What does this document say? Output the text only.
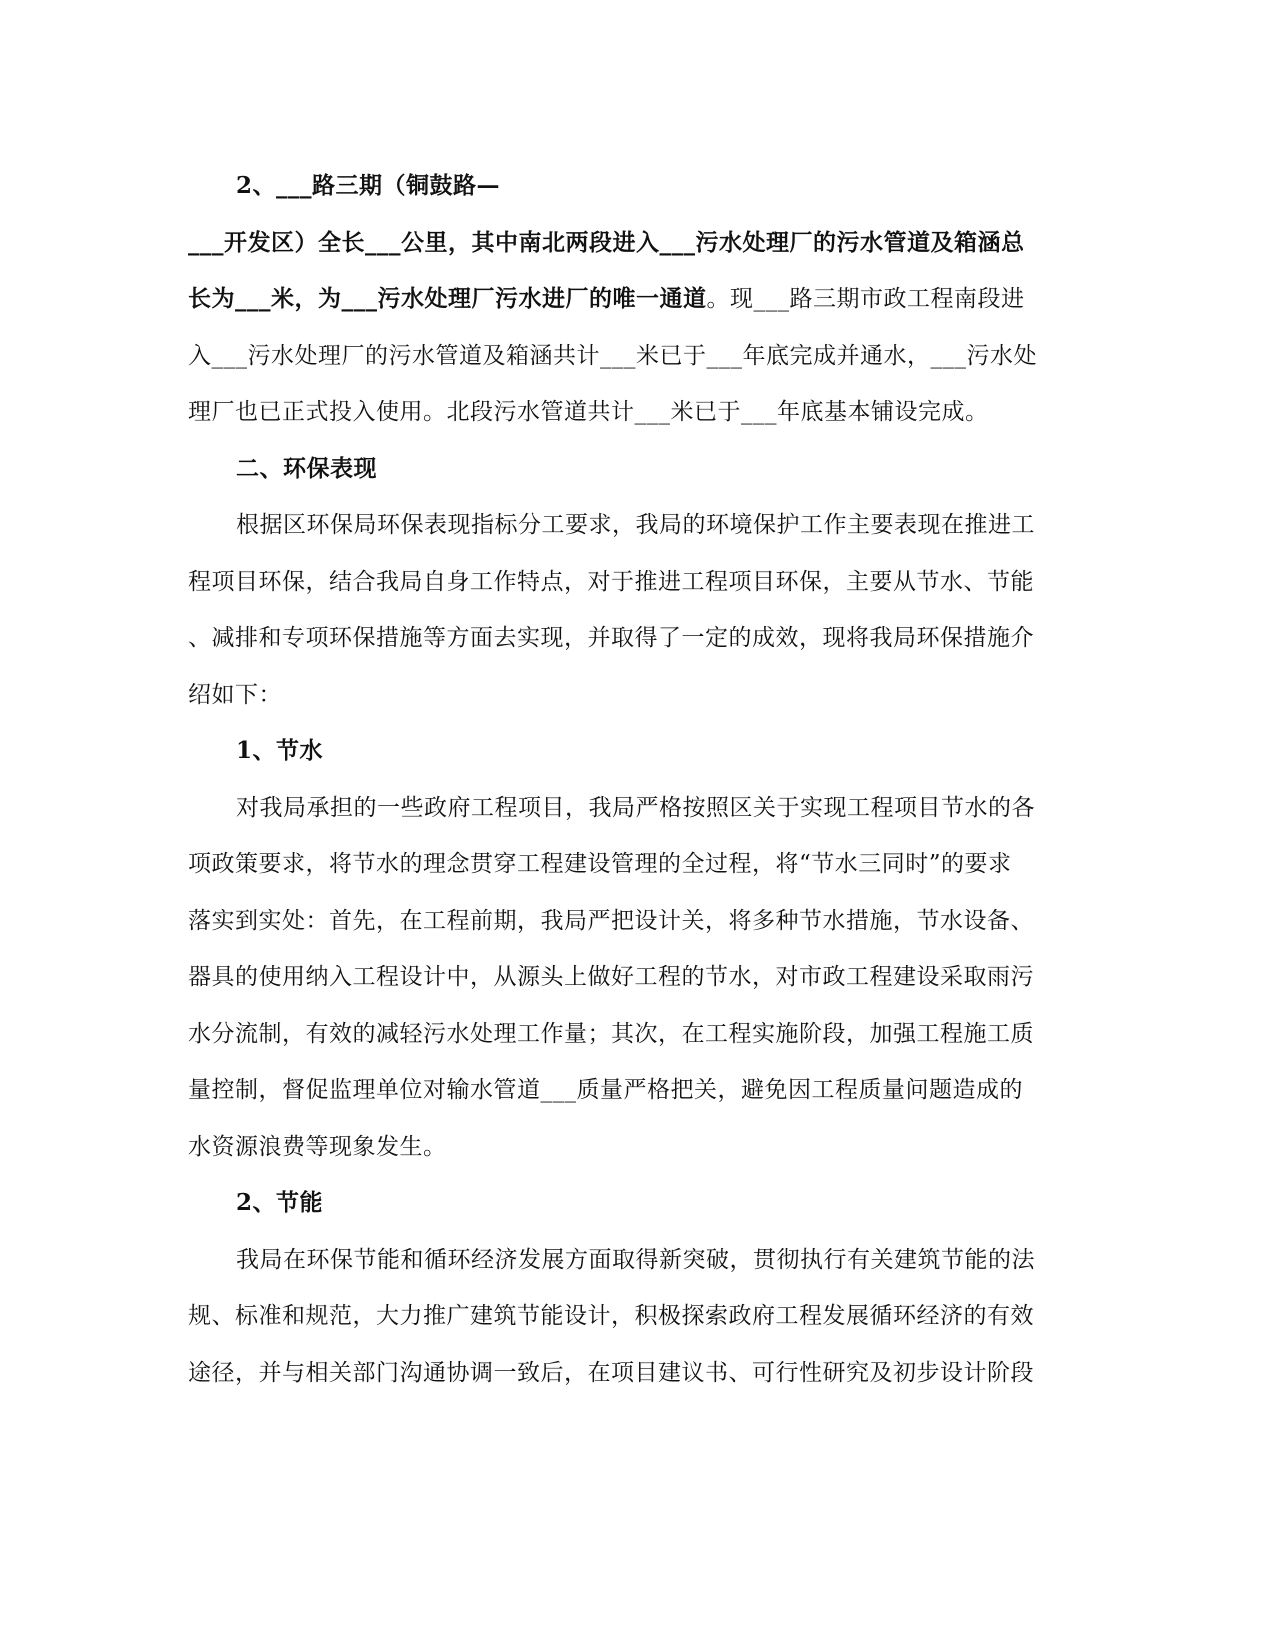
2、___路三期（铜鼓路—
___开发区）全长___公里，其中南北两段进入___污水处理厂的污水管道及箱涵总
长为___米，为___污水处理厂污水进厂的唯一通道。现___路三期市政工程南段进
入___污水处理厂的污水管道及箱涵共计___米已于___年底完成并通水，___污水处
理厂也已正式投入使用。北段污水管道共计___米已于___年底基本铺设完成。
二、环保表现
根据区环保局环保表现指标分工要求，我局的环境保护工作主要表现在推进工
程项目环保，结合我局自身工作特点，对于推进工程项目环保，主要从节水、节能
、减排和专项环保措施等方面去实现，并取得了一定的成效，现将我局环保措施介
绍如下：
1、节水
对我局承担的一些政府工程项目，我局严格按照区关于实现工程项目节水的各
项政策要求，将节水的理念贯穿工程建设管理的全过程，将“节水三同时”的要求
落实到实处：首先，在工程前期，我局严把设计关，将多种节水措施，节水设备、
器具的使用纳入工程设计中，从源头上做好工程的节水，对市政工程建设采取雨污
水分流制，有效的减轻污水处理工作量；其次，在工程实施阶段，加强工程施工质
量控制，督促监理单位对输水管道___质量严格把关，避免因工程质量问题造成的
水资源浪费等现象发生。
2、节能
我局在环保节能和循环经济发展方面取得新突破，贯彻执行有关建筑节能的法
规、标准和规范，大力推广建筑节能设计，积极探索政府工程发展循环经济的有效
途径，并与相关部门沟通协调一致后，在项目建议书、可行性研究及初步设计阶段
